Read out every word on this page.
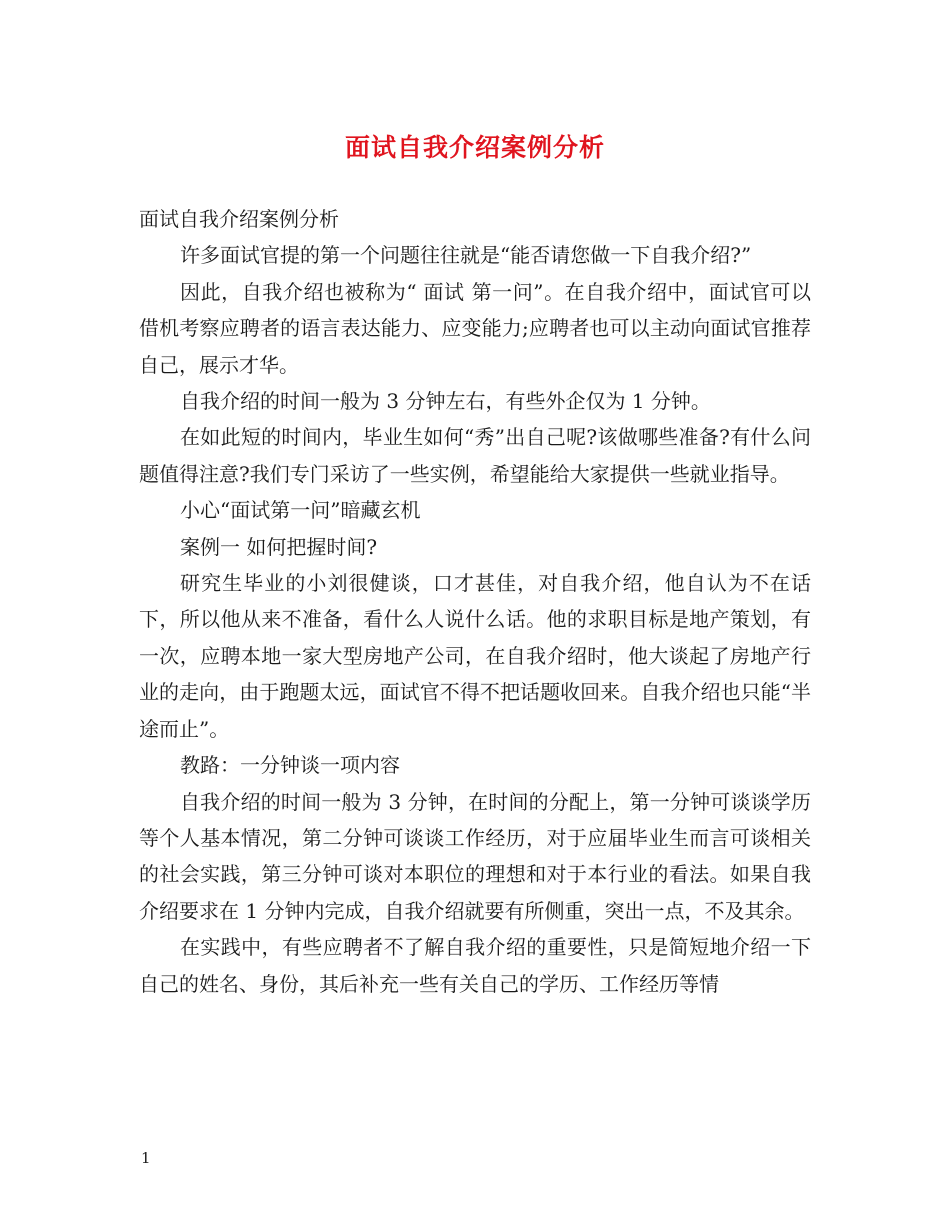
面试自我介绍案例分析

面试自我介绍案例分析

许多面试官提的第一个问题往往就是“能否请您做一下自我介绍?”

因此，自我介绍也被称为“ 面试 第一问”。在自我介绍中，面试官可以借机考察应聘者的语言表达能力、应变能力;应聘者也可以主动向面试官推荐自己，展示才华。

自我介绍的时间一般为 3 分钟左右，有些外企仅为 1 分钟。

在如此短的时间内，毕业生如何“秀”出自己呢?该做哪些准备?有什么问题值得注意?我们专门采访了一些实例，希望能给大家提供一些就业指导。

小心“面试第一问”暗藏玄机

案例一 如何把握时间?

研究生毕业的小刘很健谈，口才甚佳，对自我介绍，他自认为不在话下，所以他从来不准备，看什么人说什么话。他的求职目标是地产策划，有一次，应聘本地一家大型房地产公司，在自我介绍时，他大谈起了房地产行业的走向，由于跑题太远，面试官不得不把话题收回来。自我介绍也只能“半途而止”。

教路：一分钟谈一项内容

自我介绍的时间一般为 3 分钟，在时间的分配上，第一分钟可谈谈学历等个人基本情况，第二分钟可谈谈工作经历，对于应届毕业生而言可谈相关的社会实践，第三分钟可谈对本职位的理想和对于本行业的看法。如果自我介绍要求在 1 分钟内完成，自我介绍就要有所侧重，突出一点，不及其余。

在实践中，有些应聘者不了解自我介绍的重要性，只是简短地介绍一下自己的姓名、身份，其后补充一些有关自己的学历、工作经历等情

1
